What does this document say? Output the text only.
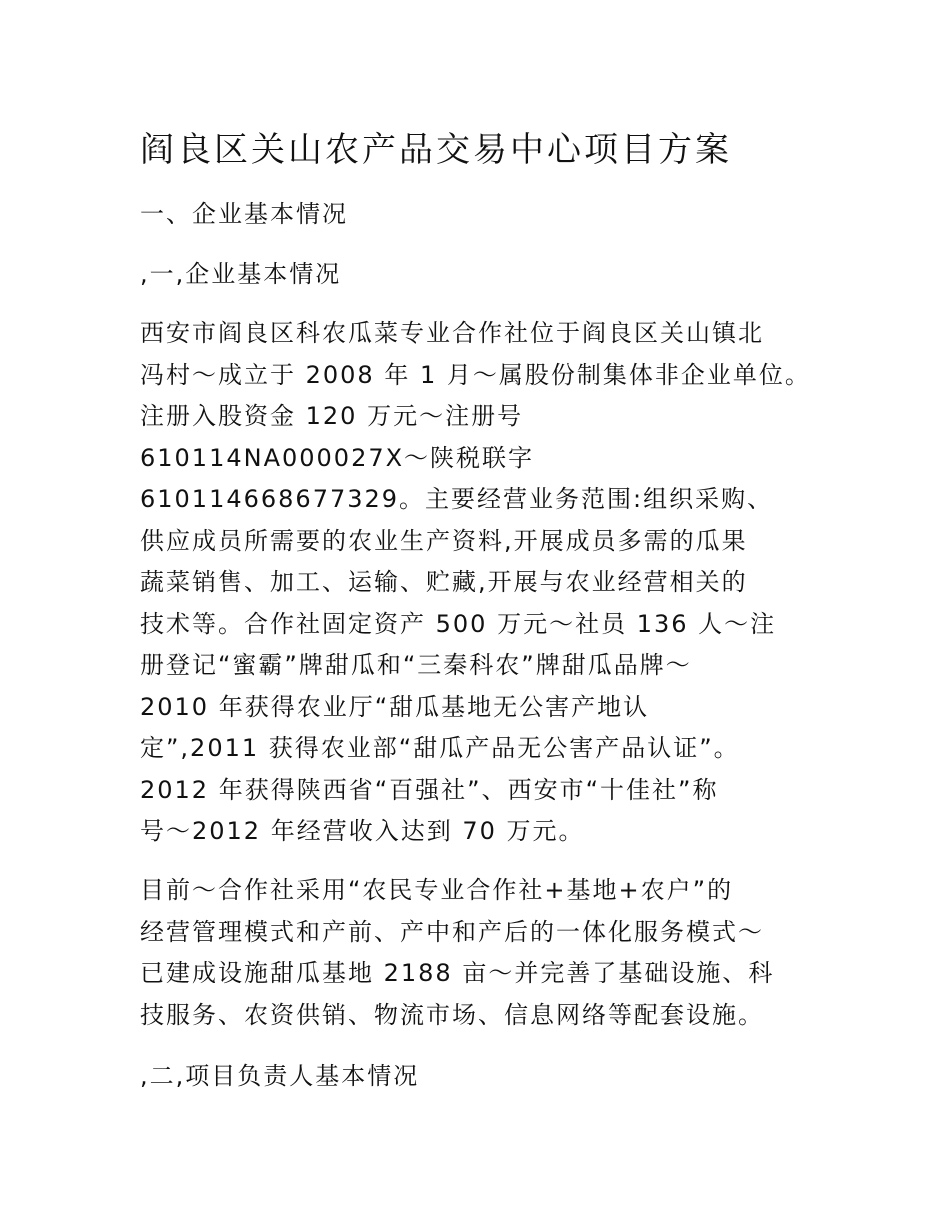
阎良区关山农产品交易中心项目方案
一、企业基本情况
,一,企业基本情况
西安市阎良区科农瓜菜专业合作社位于阎良区关山镇北
冯村～成立于 2008 年 1 月～属股份制集体非企业单位。
注册入股资金 120 万元～注册号
610114NA000027X～陕税联字
610114668677329。主要经营业务范围:组织采购、
供应成员所需要的农业生产资料,开展成员多需的瓜果
蔬菜销售、加工、运输、贮藏,开展与农业经营相关的
技术等。合作社固定资产 500 万元～社员 136 人～注
册登记“蜜霸”牌甜瓜和“三秦科农”牌甜瓜品牌～
2010 年获得农业厅“甜瓜基地无公害产地认
定”,2011 获得农业部“甜瓜产品无公害产品认证”。
2012 年获得陕西省“百强社”、西安市“十佳社”称
号～2012 年经营收入达到 70 万元。
目前～合作社采用“农民专业合作社+基地+农户”的
经营管理模式和产前、产中和产后的一体化服务模式～
已建成设施甜瓜基地 2188 亩～并完善了基础设施、科
技服务、农资供销、物流市场、信息网络等配套设施。
,二,项目负责人基本情况
